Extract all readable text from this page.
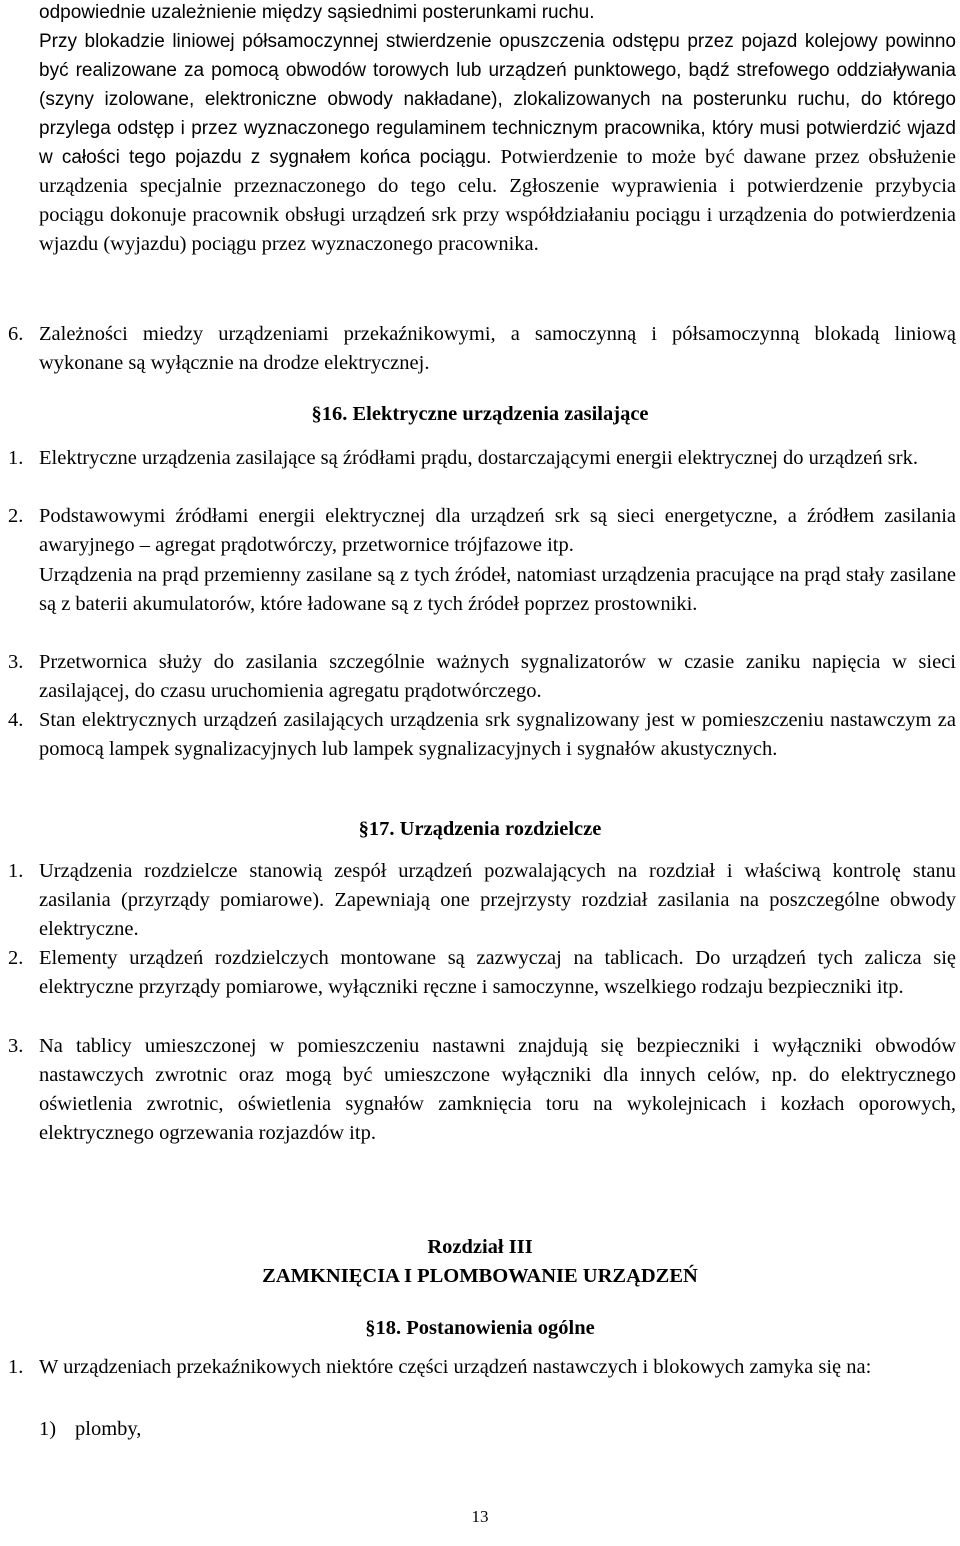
odpowiednie uzależnienie między sąsiednimi posterunkami ruchu.
Przy blokadzie liniowej półsamoczynnej stwierdzenie opuszczenia odstępu przez pojazd kolejowy powinno być realizowane za pomocą obwodów torowych lub urządzeń punktowego, bądź strefowego oddziaływania (szyny izolowane, elektroniczne obwody nakładane), zlokalizowanych na posterunku ruchu, do którego przylega odstęp i przez wyznaczonego regulaminem technicznym pracownika, który musi potwierdzić wjazd w całości tego pojazdu z sygnałem końca pociągu. Potwierdzenie to może być dawane przez obsłużenie urządzenia specjalnie przeznaczonego do tego celu. Zgłoszenie wyprawienia i potwierdzenie przybycia pociągu dokonuje pracownik obsługi urządzeń srk przy współdziałaniu pociągu i urządzenia do potwierdzenia wjazdu (wyjazdu) pociągu przez wyznaczonego pracownika.
6. Zależności miedzy urządzeniami przekaźnikowymi, a samoczynną i półsamoczynną blokadą liniową wykonane są wyłącznie na drodze elektrycznej.
§16. Elektryczne urządzenia zasilające
1. Elektryczne urządzenia zasilające są źródłami prądu, dostarczającymi energii elektrycznej do urządzeń srk.
2. Podstawowymi źródłami energii elektrycznej dla urządzeń srk są sieci energetyczne, a źródłem zasilania awaryjnego – agregat prądotwórczy, przetwornice trójfazowe itp.
Urządzenia na prąd przemienny zasilane są z tych źródeł, natomiast urządzenia pracujące na prąd stały zasilane są z baterii akumulatorów, które ładowane są z tych źródeł poprzez prostowniki.
3. Przetwornica służy do zasilania szczególnie ważnych sygnalizatorów w czasie zaniku napięcia w sieci zasilającej, do czasu uruchomienia agregatu prądotwórczego.
4. Stan elektrycznych urządzeń zasilających urządzenia srk sygnalizowany jest w pomieszczeniu nastawczym za pomocą lampek sygnalizacyjnych lub lampek sygnalizacyjnych i sygnałów akustycznych.
§17. Urządzenia rozdzielcze
1. Urządzenia rozdzielcze stanowią zespół urządzeń pozwalających na rozdział i właściwą kontrolę stanu zasilania (przyrządy pomiarowe). Zapewniają one przejrzysty rozdział zasilania na poszczególne obwody elektryczne.
2. Elementy urządzeń rozdzielczych montowane są zazwyczaj na tablicach. Do urządzeń tych zalicza się elektryczne przyrządy pomiarowe, wyłączniki ręczne i samoczynne, wszelkiego rodzaju bezpieczniki itp.
3. Na tablicy umieszczonej w pomieszczeniu nastawni znajdują się bezpieczniki i wyłączniki obwodów nastawczych zwrotnic oraz mogą być umieszczone wyłączniki dla innych celów, np. do elektrycznego oświetlenia zwrotnic, oświetlenia sygnałów zamknięcia toru na wykolejnicach i kozłach oporowych, elektrycznego ogrzewania rozjazdów itp.
Rozdział III
ZAMKNIĘCIA I PLOMBOWANIE URZĄDZEŃ
§18. Postanowienia ogólne
1. W urządzeniach przekaźnikowych niektóre części urządzeń nastawczych i blokowych zamyka się na:
1) plomby,
13
